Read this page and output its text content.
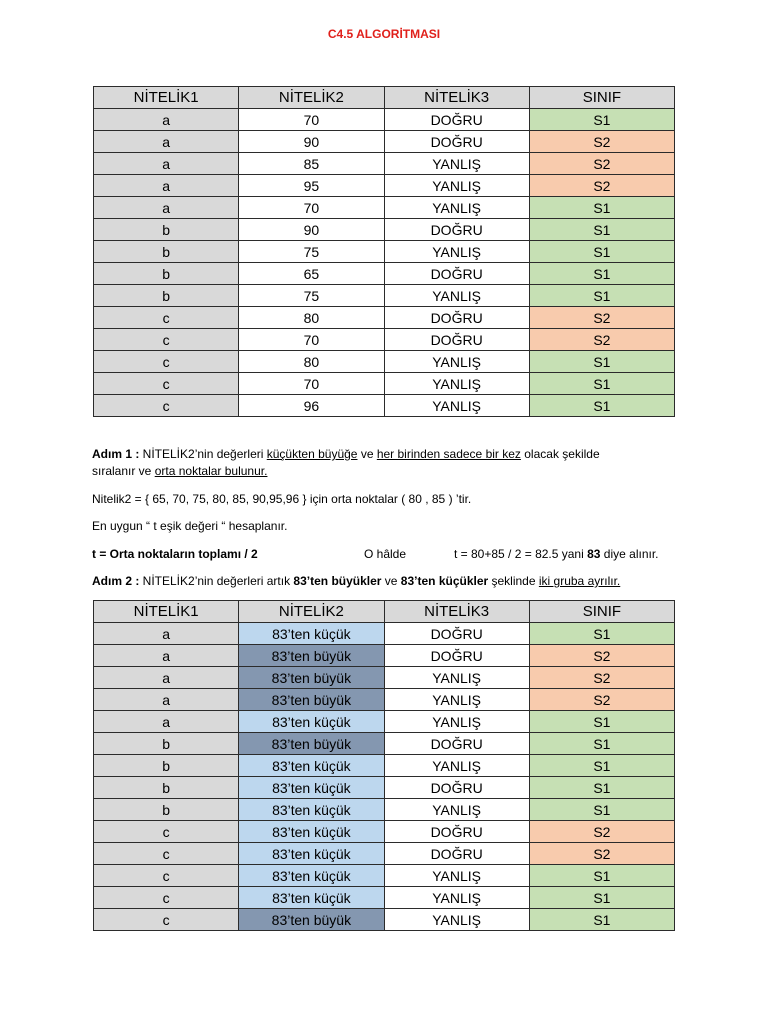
C4.5 ALGORİTMASI
NİTELİK1	NİTELİK2	NİTELİK3	SINIF
a	70	DOĞRU	S1
a	90	DOĞRU	S2
a	85	YANLIŞ	S2
a	95	YANLIŞ	S2
a	70	YANLIŞ	S1
b	90	DOĞRU	S1
b	75	YANLIŞ	S1
b	65	DOĞRU	S1
b	75	YANLIŞ	S1
c	80	DOĞRU	S2
c	70	DOĞRU	S2
c	80	YANLIŞ	S1
c	70	YANLIŞ	S1
c	96	YANLIŞ	S1
Adım 1 : NİTELİK2’nin değerleri küçükten büyüğe ve her birinden sadece bir kez olacak şekilde
sıralanır ve orta noktalar bulunur.
Nitelik2 = { 65, 70, 75, 80, 85, 90,95,96 } için orta noktalar ( 80 , 85 ) ’tir.
En uygun “ t eşik değeri “ hesaplanır.
t = Orta noktaların toplamı / 2	O hâlde	t = 80+85 / 2 = 82.5 yani 83 diye alınır.
Adım 2 : NİTELİK2’nin değerleri artık 83’ten büyükler ve 83’ten küçükler şeklinde iki gruba ayrılır.
NİTELİK1	NİTELİK2	NİTELİK3	SINIF
a	83’ten küçük	DOĞRU	S1
a	83’ten büyük	DOĞRU	S2
a	83’ten büyük	YANLIŞ	S2
a	83’ten büyük	YANLIŞ	S2
a	83’ten küçük	YANLIŞ	S1
b	83’ten büyük	DOĞRU	S1
b	83’ten küçük	YANLIŞ	S1
b	83’ten küçük	DOĞRU	S1
b	83’ten küçük	YANLIŞ	S1
c	83’ten küçük	DOĞRU	S2
c	83’ten küçük	DOĞRU	S2
c	83’ten küçük	YANLIŞ	S1
c	83’ten küçük	YANLIŞ	S1
c	83’ten büyük	YANLIŞ	S1
